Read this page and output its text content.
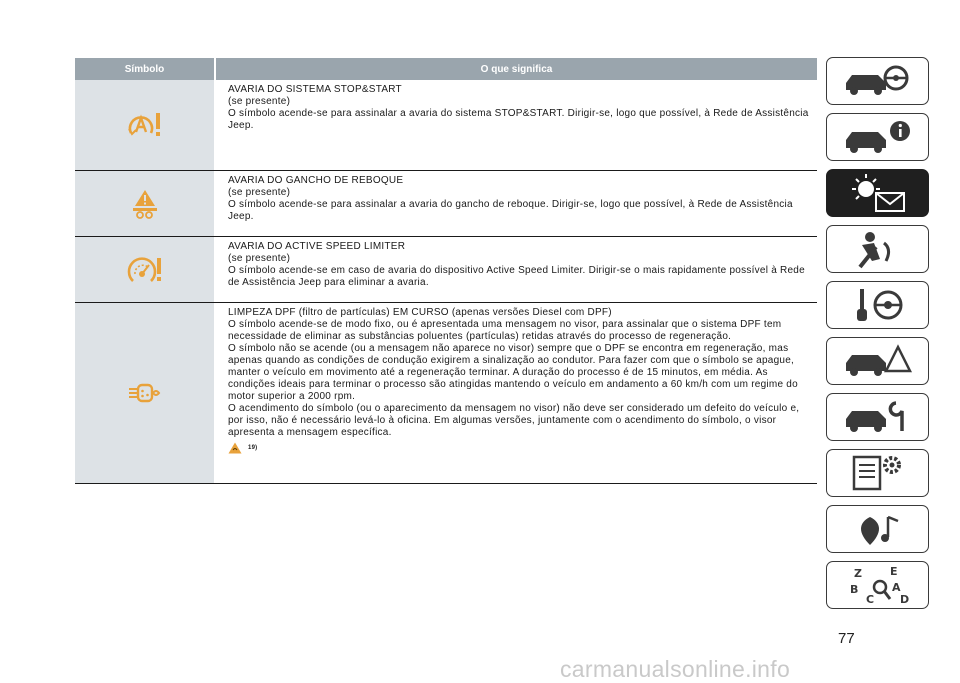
Símbolo	O que significa

AVARIA DO SISTEMA STOP&START

(se presente)

O símbolo acende-se para assinalar a avaria do sistema STOP&START. Dirigir-se, logo que possível, à Rede de Assistência Jeep.

AVARIA DO GANCHO DE REBOQUE

(se presente)

O símbolo acende-se para assinalar a avaria do gancho de reboque. Dirigir-se, logo que possível, à Rede de Assistência Jeep.

AVARIA DO ACTIVE SPEED LIMITER

(se presente)

O símbolo acende-se em caso de avaria do dispositivo Active Speed Limiter. Dirigir-se o mais rapidamente possível à Rede de Assistência Jeep para eliminar a avaria.

LIMPEZA DPF (filtro de partículas) EM CURSO (apenas versões Diesel com DPF)

O símbolo acende-se de modo fixo, ou é apresentada uma mensagem no visor, para assinalar que o sistema DPF tem necessidade de eliminar as substâncias poluentes (partículas) retidas através do processo de regeneração.

O símbolo não se acende (ou a mensagem não aparece no visor) sempre que o DPF se encontra em regeneração, mas apenas quando as condições de condução exigirem a sinalização ao condutor. Para fazer com que o símbolo se apague, manter o veículo em movimento até a regeneração terminar. A duração do processo é de 15 minutos, em média. As condições ideais para terminar o processo são atingidas mantendo o veículo em andamento a 60 km/h com um regime do motor superior a 2000 rpm.

O acendimento do símbolo (ou o aparecimento da mensagem no visor) não deve ser considerado um defeito do veículo e, por isso, não é necessário levá-lo à oficina. Em algumas versões, juntamente com o acendimento do símbolo, o visor apresenta a mensagem específica.

19)
Z	E
B	A
C D
77
carmanualsonline.info
